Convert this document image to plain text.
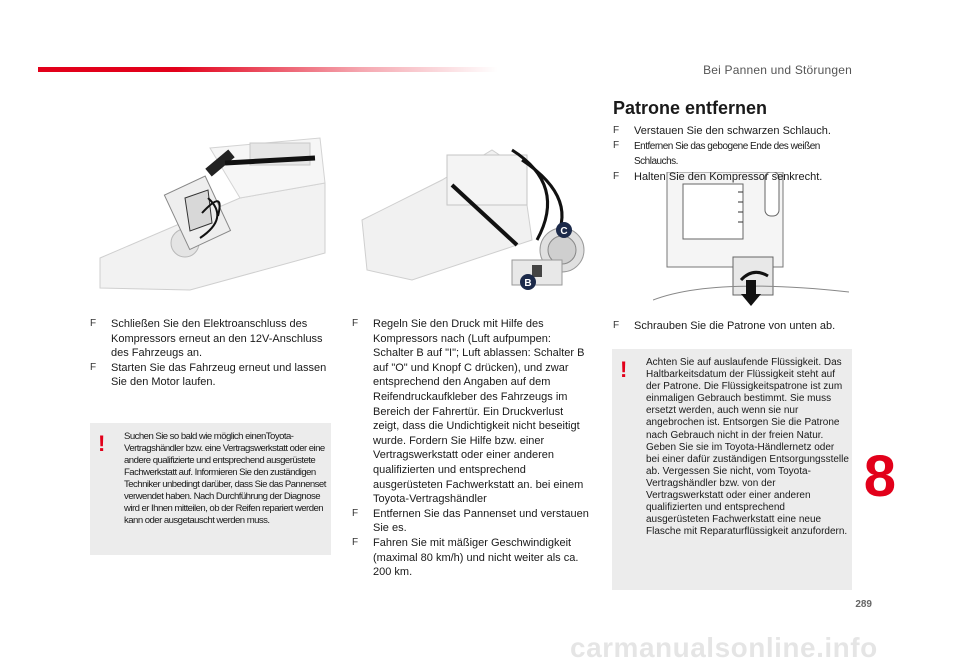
Bei Pannen und Störungen
8
289
C
B
F Schließen Sie den Elektroanschluss des Kompressors erneut an den 12V-Anschluss des Fahrzeugs an.
F Starten Sie das Fahrzeug erneut und lassen Sie den Motor laufen.
! Suchen Sie so bald wie möglich einenToyota-Vertragshändler bzw. eine Vertragswerkstatt oder eine andere qualifizierte und entsprechend ausgerüstete Fachwerkstatt auf. Informieren Sie den zuständigen Techniker unbedingt darüber, dass Sie das Pannenset verwendet haben. Nach Durchführung der Diagnose wird er Ihnen mitteilen, ob der Reifen repariert werden kann oder ausgetauscht werden muss.
F Regeln Sie den Druck mit Hilfe des Kompressors nach (Luft aufpumpen: Schalter B auf "I"; Luft ablassen: Schalter B auf "O" und Knopf C drücken), und zwar entsprechend den Angaben auf dem Reifendruckaufkleber des Fahrzeugs im Bereich der Fahrertür. Ein Druckverlust zeigt, dass die Undichtigkeit nicht beseitigt wurde. Fordern Sie Hilfe bzw. einer Vertragswerkstatt oder einer anderen qualifizierten und entsprechend ausgerüsteten Fachwerkstatt an. bei einem Toyota-Vertragshändler
F Entfernen Sie das Pannenset und verstauen Sie es.
F Fahren Sie mit mäßiger Geschwindigkeit (maximal 80 km/h) und nicht weiter als ca. 200 km.
Patrone entfernen
F Verstauen Sie den schwarzen Schlauch.
F Entfernen Sie das gebogene Ende des weißen Schlauchs.
F Halten Sie den Kompressor senkrecht.
F Schrauben Sie die Patrone von unten ab.
! Achten Sie auf auslaufende Flüssigkeit. Das Haltbarkeitsdatum der Flüssigkeit steht auf der Patrone. Die Flüssigkeitspatrone ist zum einmaligen Gebrauch bestimmt. Sie muss ersetzt werden, auch wenn sie nur angebrochen ist. Entsorgen Sie die Patrone nach Gebrauch nicht in der freien Natur. Geben Sie sie im Toyota-Händlernetz oder bei einer dafür zuständigen Entsorgungsstelle ab. Vergessen Sie nicht, vom Toyota-Vertragshändler bzw. von der Vertragswerkstatt oder einer anderen qualifizierten und entsprechend ausgerüsteten Fachwerkstatt eine neue Flasche mit Reparaturflüssigkeit anzufordern.
carmanualsonline.info
